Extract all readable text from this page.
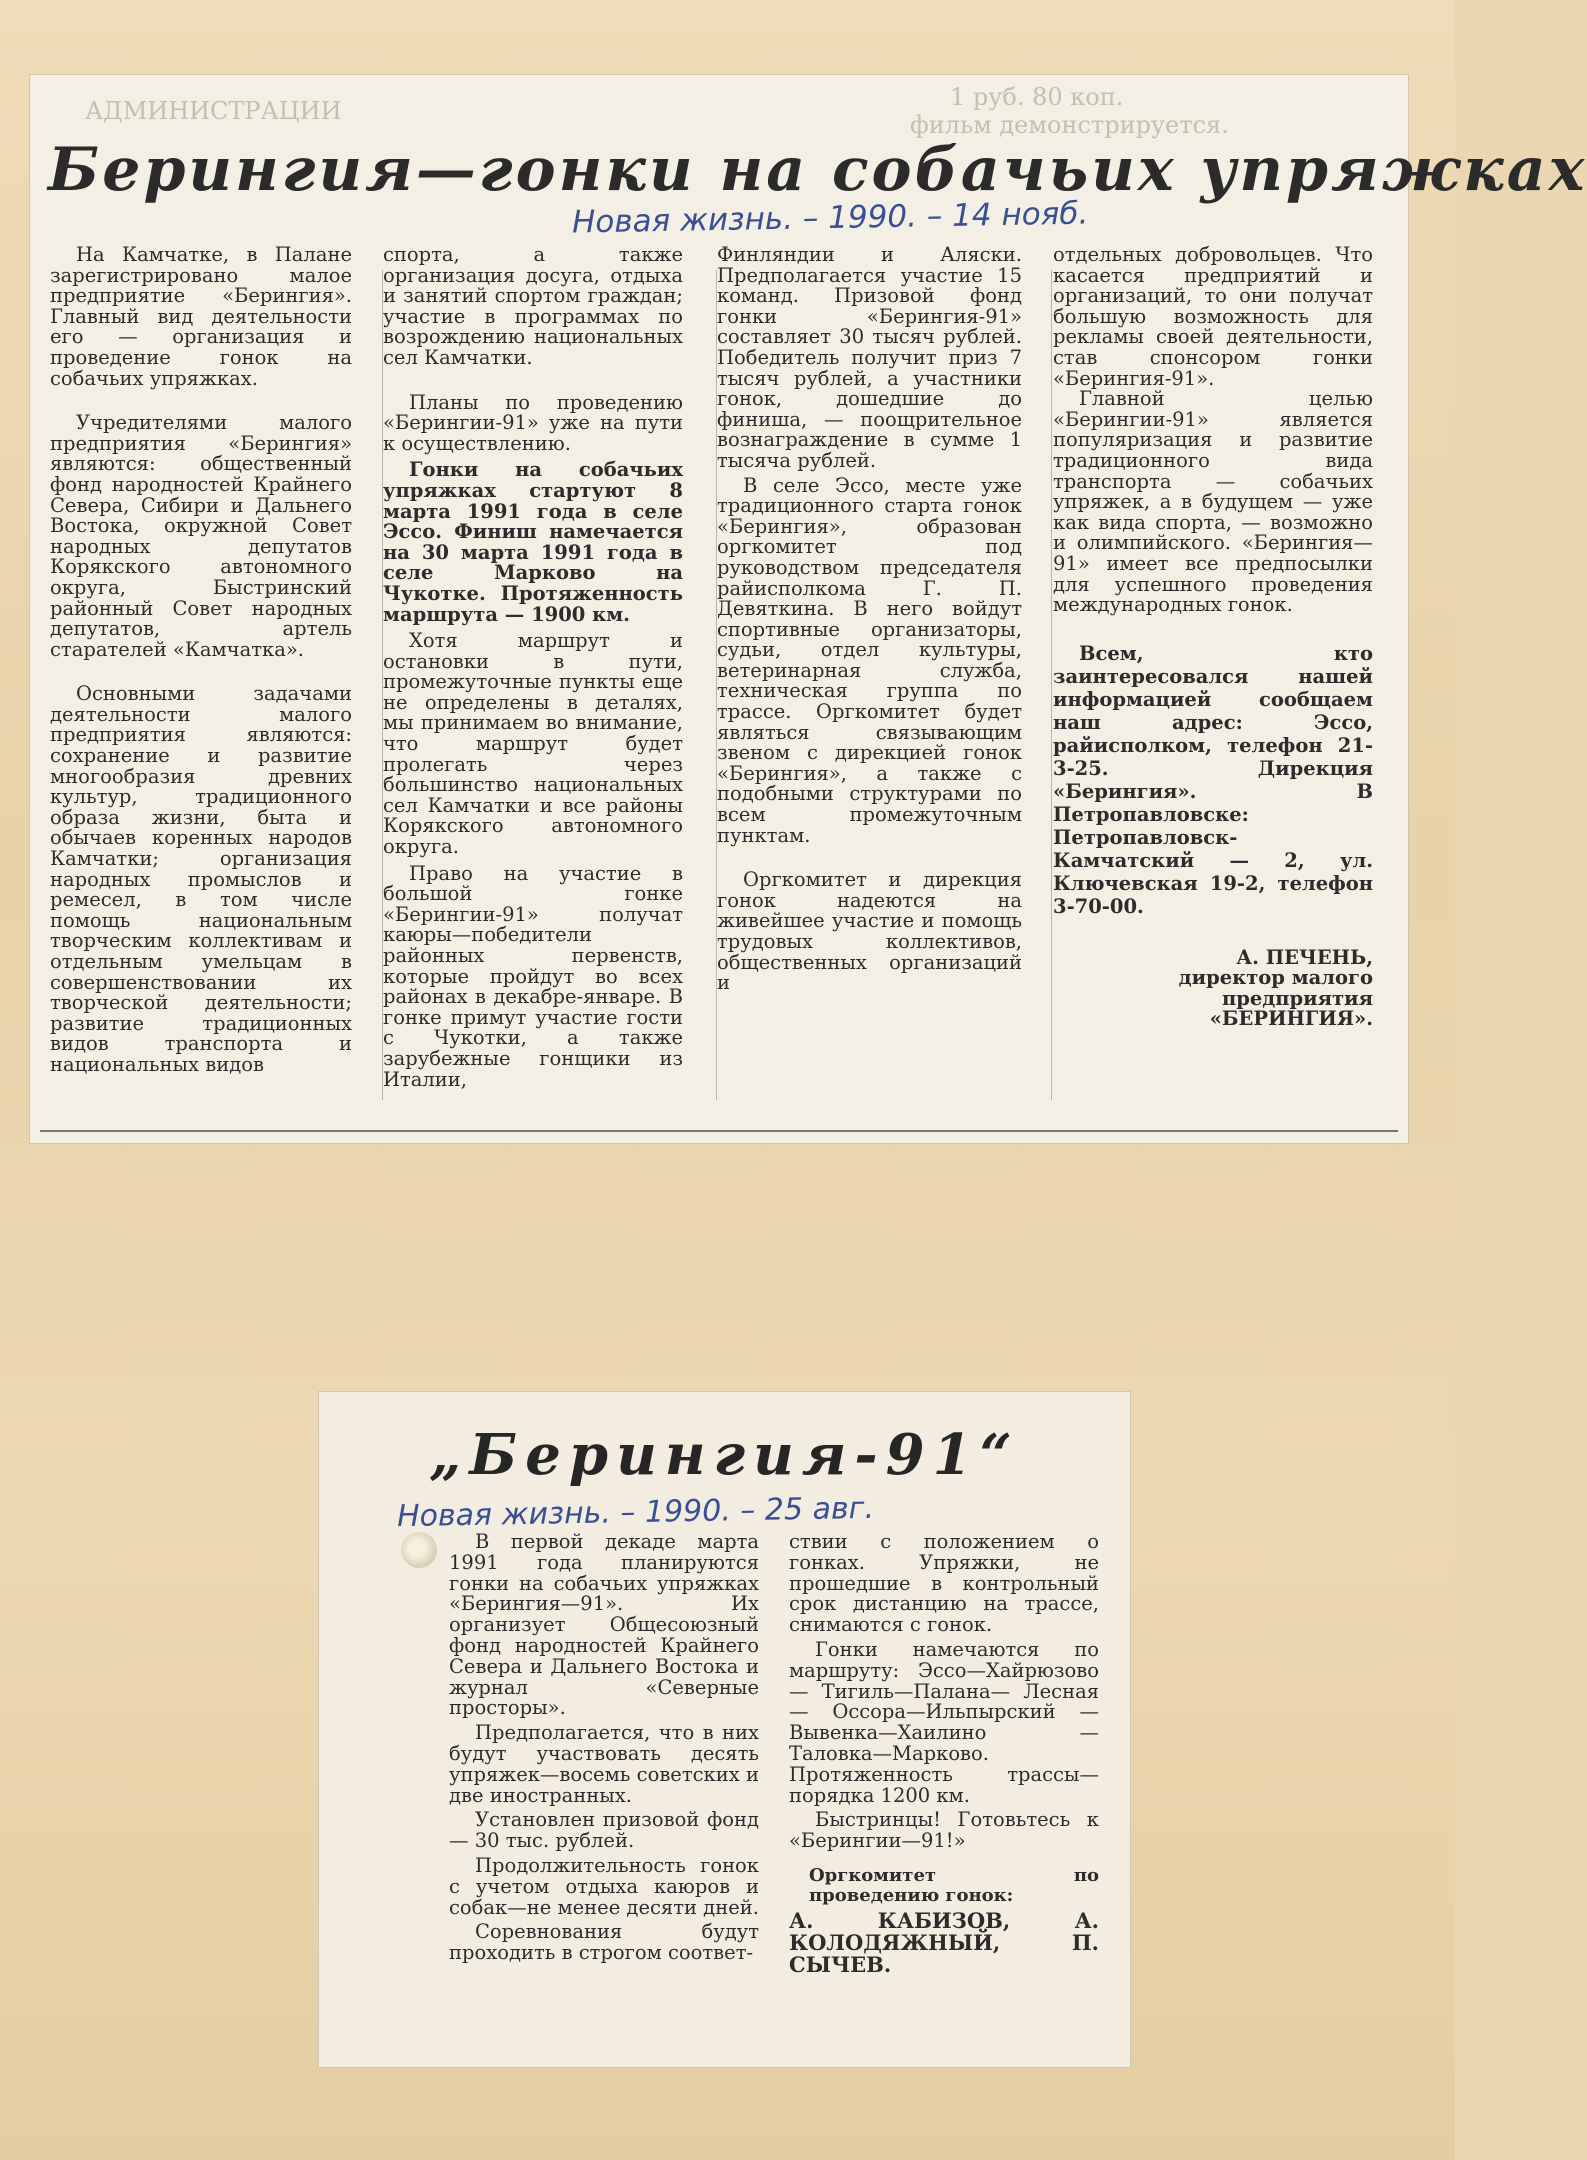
АДМИНИСТРАЦИИ	1 руб. 80 коп.
фильм демонстрируется.
Берингия—гонки на собачьих упряжках
Новая жизнь. – 1990. – 14 нояб.

На Камчатке, в Палане зарегистрировано малое предприятие «Берингия». Главный вид деятельности его — организация и проведение гонок на собачьих упряжках.

Учредителями малого предприятия «Берингия» являются: общественный фонд народностей Крайнего Севера, Сибири и Дальнего Востока, окружной Совет народных депутатов Корякского автономного округа, Быстринский районный Совет народных депутатов, артель старателей «Камчатка».

Основными задачами деятельности малого предприятия являются: сохранение и развитие многообразия древних культур, традиционного образа жизни, быта и обычаев коренных народов Камчатки; организация народных промыслов и ремесел, в том числе помощь национальным творческим коллективам и отдельным умельцам в совершенствовании их творческой деятельности; развитие традиционных видов транспорта и национальных видов

спорта, а также организация досуга, отдыха и занятий спортом граждан; участие в программах по возрождению национальных сел Камчатки.

Планы по проведению «Берингии-91» уже на пути к осуществлению.

Гонки на собачьих упряжках стартуют 8 марта 1991 года в селе Эссо. Финиш намечается на 30 марта 1991 года в селе Марково на Чукотке. Протяженность маршрута — 1900 км.

Хотя маршрут и остановки в пути, промежуточные пункты еще не определены в деталях, мы принимаем во внимание, что маршрут будет пролегать через большинство национальных сел Камчатки и все районы Корякского автономного округа.

Право на участие в большой гонке «Берингии-91» получат каюры—победители районных первенств, которые пройдут во всех районах в декабре-январе. В гонке примут участие гости с Чукотки, а также зарубежные гонщики из Италии,

Финляндии и Аляски. Предполагается участие 15 команд. Призовой фонд гонки «Берингия-91» составляет 30 тысяч рублей. Победитель получит приз 7 тысяч рублей, а участники гонок, дошедшие до финиша, — поощрительное вознаграждение в сумме 1 тысяча рублей.

В селе Эссо, месте уже традиционного старта гонок «Берингия», образован оргкомитет под руководством председателя райисполкома Г. П. Девяткина. В него войдут спортивные организаторы, судьи, отдел культуры, ветеринарная служба, техническая группа по трассе. Оргкомитет будет являться связывающим звеном с дирекцией гонок «Берингия», а также с подобными структурами по всем промежуточным пунктам.

Оргкомитет и дирекция гонок надеются на живейшее участие и помощь трудовых коллективов, общественных организаций и

отдельных добровольцев. Что касается предприятий и организаций, то они получат большую возможность для рекламы своей деятельности, став спонсором гонки «Берингия-91».

Главной целью «Берингии-91» является популяризация и развитие традиционного вида транспорта — собачьих упряжек, а в будущем — уже как вида спорта, — возможно и олимпийского. «Берингия—91» имеет все предпосылки для успешного проведения международных гонок.

Всем, кто заинтересовался нашей информацией сообщаем наш адрес: Эссо, райисполком, телефон 21-3-25. Дирекция «Берингия». В Петропавловске: Петропавловск-Камчатский — 2, ул. Ключевская 19-2, телефон 3-70-00.

А. ПЕЧЕНЬ,

директор малого предприятия «БЕРИНГИЯ».

„Берингия-91“
Новая жизнь. – 1990. – 25 авг.

В первой декаде марта 1991 года планируются гонки на собачьих упряжках «Берингия—91». Их организует Общесоюзный фонд народностей Крайнего Севера и Дальнего Востока и журнал «Северные просторы».

Предполагается, что в них будут участвовать десять упряжек—восемь советских и две иностранных.

Установлен призовой фонд — 30 тыс. рублей.

Продолжительность гонок с учетом отдыха каюров и собак—не менее десяти дней.

Соревнования будут проходить в строгом соответ-

ствии с положением о гонках. Упряжки, не прошедшие в контрольный срок дистанцию на трассе, снимаются с гонок.

Гонки намечаются по маршруту: Эссо—Хайрюзово — Тигиль—Палана— Лесная — Оссора—Ильпырский — Вывенка—Хаилино — Таловка—Марково. Протяженность трассы— порядка 1200 км.

Быстринцы! Готовьтесь к «Берингии—91!»

Оргкомитет по проведению гонок:

А. КАБИЗОВ, А. КОЛОДЯЖНЫЙ, П. СЫЧЕВ.
